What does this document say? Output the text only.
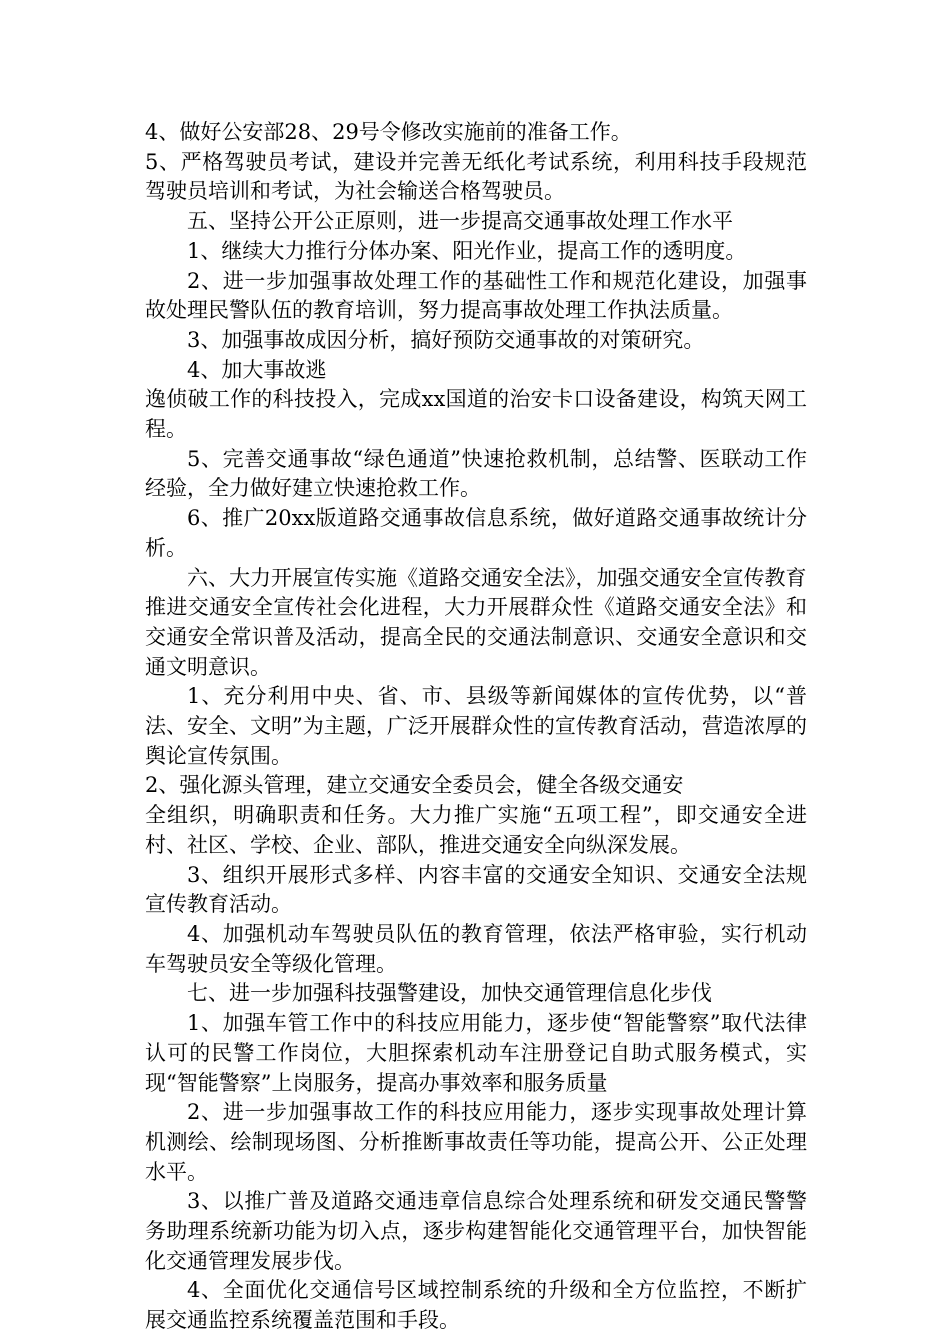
4、做好公安部28、29号令修改实施前的准备工作。

5、严格驾驶员考试，建设并完善无纸化考试系统，利用科技手段规范驾驶员培训和考试，为社会输送合格驾驶员。

五、坚持公开公正原则，进一步提高交通事故处理工作水平

1、继续大力推行分体办案、阳光作业，提高工作的透明度。

2、进一步加强事故处理工作的基础性工作和规范化建设，加强事故处理民警队伍的教育培训，努力提高事故处理工作执法质量。

3、加强事故成因分析，搞好预防交通事故的对策研究。

4、加大事故逃

逸侦破工作的科技投入，完成xx国道的治安卡口设备建设，构筑天网工程。

5、完善交通事故“绿色通道”快速抢救机制，总结警、医联动工作经验，全力做好建立快速抢救工作。

6、推广20xx版道路交通事故信息系统，做好道路交通事故统计分析。

六、大力开展宣传实施《道路交通安全法》，加强交通安全宣传教育

推进交通安全宣传社会化进程，大力开展群众性《道路交通安全法》和交通安全常识普及活动，提高全民的交通法制意识、交通安全意识和交通文明意识。

1、充分利用中央、省、市、县级等新闻媒体的宣传优势，以“普法、安全、文明”为主题，广泛开展群众性的宣传教育活动，营造浓厚的舆论宣传氛围。

2、强化源头管理，建立交通安全委员会，健全各级交通安

全组织，明确职责和任务。大力推广实施“五项工程”，即交通安全进村、社区、学校、企业、部队，推进交通安全向纵深发展。

3、组织开展形式多样、内容丰富的交通安全知识、交通安全法规宣传教育活动。

4、加强机动车驾驶员队伍的教育管理，依法严格审验，实行机动车驾驶员安全等级化管理。

七、进一步加强科技强警建设，加快交通管理信息化步伐

1、加强车管工作中的科技应用能力，逐步使“智能警察”取代法律认可的民警工作岗位，大胆探索机动车注册登记自助式服务模式，实现“智能警察”上岗服务，提高办事效率和服务质量

2、进一步加强事故工作的科技应用能力，逐步实现事故处理计算机测绘、绘制现场图、分析推断事故责任等功能，提高公开、公正处理水平。

3、以推广普及道路交通违章信息综合处理系统和研发交通民警警务助理系统新功能为切入点，逐步构建智能化交通管理平台，加快智能化交通管理发展步伐。

4、全面优化交通信号区域控制系统的升级和全方位监控，不断扩展交通监控系统覆盖范围和手段。
